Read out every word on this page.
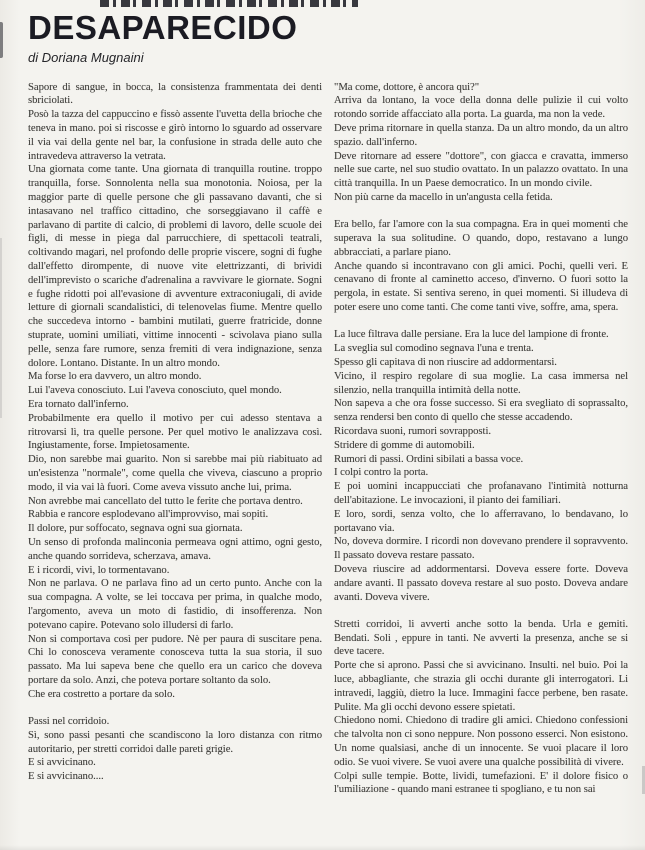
DESAPARECIDO
di Doriana Mugnaini

Sapore di sangue, in bocca, la consistenza frammentata dei denti sbriciolati.

Posò la tazza del cappuccino e fissò assente l'uvetta della brioche che teneva in mano. poi si riscosse e girò intorno lo sguardo ad osservare il via vai della gente nel bar, la confusione in strada delle auto che intravedeva attraverso la vetrata.

Una giornata come tante. Una giornata di tranquilla routine. troppo tranquilla, forse. Sonnolenta nella sua monotonia. Noiosa, per la maggior parte di quelle persone che gli passavano davanti, che si intasavano nel traffico cittadino, che sorseggiavano il caffè e parlavano di partite di calcio, di problemi di lavoro, delle scuole dei figli, di messe in piega dal parrucchiere, di spettacoli teatrali, coltivando magari, nel profondo delle proprie viscere, sogni di fughe dall'effetto dirompente, di nuove vite elettrizzanti, di brividi dell'imprevisto o scariche d'adrenalina a ravvivare le giornate. Sogni e fughe ridotti poi all'evasione di avventure extraconiugali, di avide letture di giornali scandalistici, di telenovelas fiume. Mentre quello che succedeva intorno - bambini mutilati, guerre fratricide, donne stuprate, uomini umiliati, vittime innocenti - scivolava piano sulla pelle, senza fare rumore, senza fremiti di vera indignazione, senza dolore. Lontano. Distante. In un altro mondo.

Ma forse lo era davvero, un altro mondo.

Lui l'aveva conosciuto. Lui l'aveva conosciuto, quel mondo.

Era tornato dall'inferno.

Probabilmente era quello il motivo per cui adesso stentava a ritrovarsi lì, tra quelle persone. Per quel motivo le analizzava così. Ingiustamente, forse. Impietosamente.

Dio, non sarebbe mai guarito. Non si sarebbe mai più riabituato ad un'esistenza "normale", come quella che viveva, ciascuno a proprio modo, il via vai là fuori. Come aveva vissuto anche lui, prima.

Non avrebbe mai cancellato del tutto le ferite che portava dentro.

Rabbia e rancore esplodevano all'improvviso, mai sopiti.

Il dolore, pur soffocato, segnava ogni sua giornata.

Un senso di profonda malinconia permeava ogni attimo, ogni gesto, anche quando sorrideva, scherzava, amava.

E i ricordi, vivi, lo tormentavano.

Non ne parlava. O ne parlava fino ad un certo punto. Anche con la sua compagna. A volte, se lei toccava per prima, in qualche modo, l'argomento, aveva un moto di fastidio, di insofferenza. Non potevano capire. Potevano solo illudersi di farlo.

Non si comportava così per pudore. Nè per paura di suscitare pena. Chi lo conosceva veramente conosceva tutta la sua storia, il suo passato. Ma lui sapeva bene che quello era un carico che doveva portare da solo. Anzi, che poteva portare soltanto da solo.

Che era costretto a portare da solo.

Passi nel corridoio.

Sì, sono passi pesanti che scandiscono la loro distanza con ritmo autoritario, per stretti corridoi dalle pareti grigie.

E si avvicinano.

E si avvicinano....

"Ma come, dottore, è ancora qui?"

Arriva da lontano, la voce della donna delle pulizie il cui volto rotondo sorride affacciato alla porta. La guarda, ma non la vede.

Deve prima ritornare in quella stanza. Da un altro mondo, da un altro spazio. dall'inferno.

Deve ritornare ad essere "dottore", con giacca e cravatta, immerso nelle sue carte, nel suo studio ovattato. In un palazzo ovattato. In una città tranquilla. In un Paese democratico. In un mondo civile.

Non più carne da macello in un'angusta cella fetida.

Era bello, far l'amore con la sua compagna. Era in quei momenti che superava la sua solitudine. O quando, dopo, restavano a lungo abbracciati, a parlare piano.

Anche quando si incontravano con gli amici. Pochi, quelli veri. E cenavano di fronte al caminetto acceso, d'inverno. O fuori sotto la pergola, in estate. Si sentiva sereno, in quei momenti. Si illudeva di poter esere uno come tanti. Che come tanti vive, soffre, ama, spera.

La luce filtrava dalle persiane. Era la luce del lampione di fronte.

La sveglia sul comodino segnava l'una e trenta.

Spesso gli capitava di non riuscire ad addormentarsi.

Vicino, il respiro regolare di sua moglie. La casa immersa nel silenzio, nella tranquilla intimità della notte.

Non sapeva a che ora fosse successo. Si era svegliato di soprassalto, senza rendersi ben conto di quello che stesse accadendo.

Ricordava suoni, rumori sovrapposti.

Stridere di gomme di automobili.

Rumori di passi. Ordini sibilati a bassa voce.

I colpi contro la porta.

E poi uomini incappucciati che profanavano l'intimità notturna dell'abitazione. Le invocazioni, il pianto dei familiari.

E loro, sordi, senza volto, che lo afferravano, lo bendavano, lo portavano via.

No, doveva dormire. I ricordi non dovevano prendere il sopravvento. Il passato doveva restare passato.

Doveva riuscire ad addormentarsi. Doveva essere forte. Doveva andare avanti. Il passato doveva restare al suo posto. Doveva andare avanti. Doveva vivere.

Stretti corridoi, li avverti anche sotto la benda. Urla e gemiti. Bendati. Soli , eppure in tanti. Ne avverti la presenza, anche se si deve tacere.

Porte che si aprono. Passi che si avvicinano. Insulti. nel buio. Poi la luce, abbagliante, che strazia gli occhi durante gli interrogatori. Li intravedi, laggiù, dietro la luce. Immagini facce perbene, ben rasate. Pulite. Ma gli occhi devono essere spietati.

Chiedono nomi. Chiedono di tradire gli amici. Chiedono confessioni che talvolta non ci sono neppure. Non possono esserci. Non esistono. Un nome qualsiasi, anche di un innocente. Se vuoi placare il loro odio. Se vuoi vivere. Se vuoi avere una qualche possibilità di vivere.

Colpi sulle tempie. Botte, lividi, tumefazioni. E' il dolore fisico o l'umiliazione - quando mani estranee ti spogliano, e tu non sai
